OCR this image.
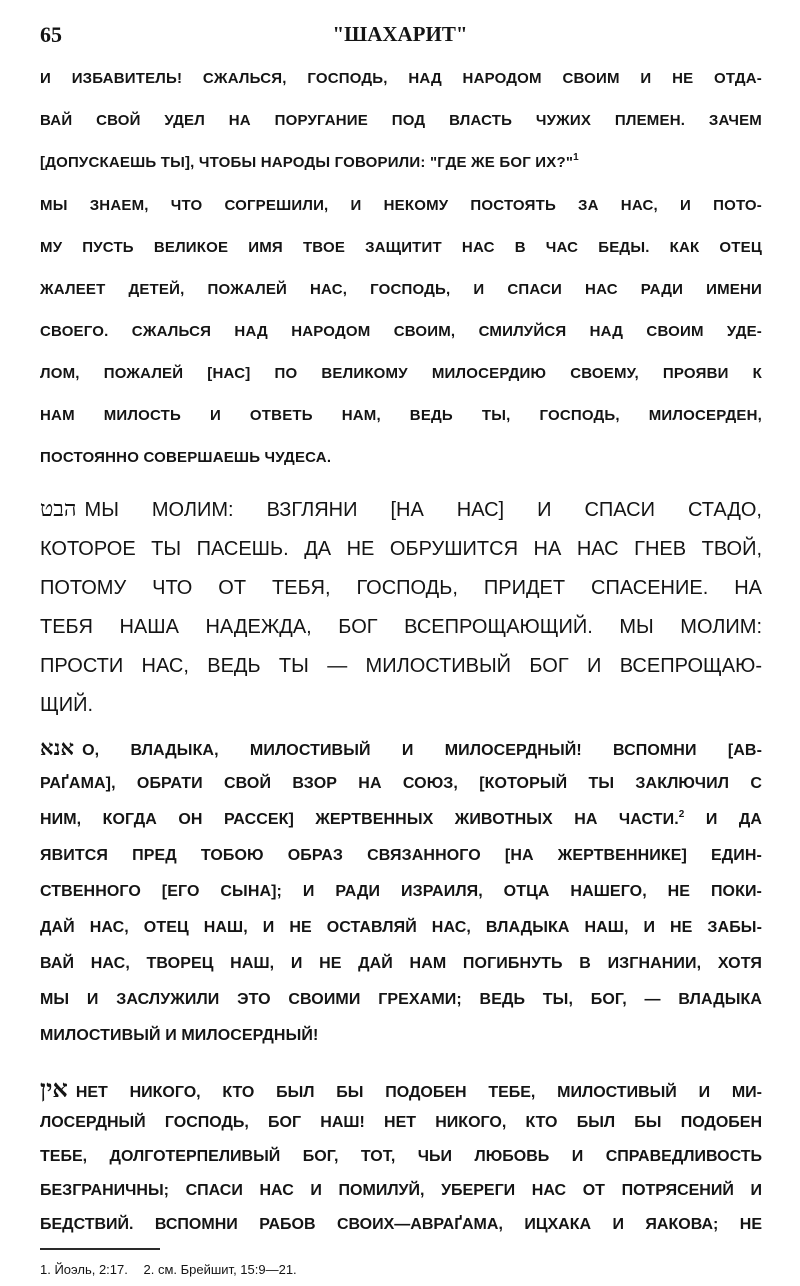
65	"ШАХАРИТ"
И ИЗБАВИТЕЛЬ! СЖАЛЬСЯ, ГОСПОДЬ, НАД НАРОДОМ СВОИМ И НЕ ОТДА-
ВАЙ СВОЙ УДЕЛ НА ПОРУГАНИЕ ПОД ВЛАСТЬ ЧУЖИХ ПЛЕМЕН. ЗАЧЕМ
[ДОПУСКАЕШЬ ТЫ], ЧТОБЫ НАРОДЫ ГОВОРИЛИ: "ГДЕ ЖЕ БОГ ИХ?"$^1$
МЫ ЗНАЕМ, ЧТО СОГРЕШИЛИ, И НЕКОМУ ПОСТОЯТЬ ЗА НАС, И ПОТО-
МУ ПУСТЬ ВЕЛИКОЕ ИМЯ ТВОЕ ЗАЩИТИТ НАС В ЧАС БЕДЫ. КАК ОТЕЦ
ЖАЛЕЕТ ДЕТЕЙ, ПОЖАЛЕЙ НАС, ГОСПОДЬ, И СПАСИ НАС РАДИ ИМЕНИ
СВОЕГО. СЖАЛЬСЯ НАД НАРОДОМ СВОИМ, СМИЛУЙСЯ НАД СВОИМ УДЕ-
ЛОМ, ПОЖАЛЕЙ [НАС] ПО ВЕЛИКОМУ МИЛОСЕРДИЮ СВОЕМУ, ПРОЯВИ К
НАМ МИЛОСТЬ И ОТВЕТЬ НАМ, ВЕДЬ ТЫ, ГОСПОДЬ, МИЛОСЕРДЕН,
ПОСТОЯННО СОВЕРШАЕШЬ ЧУДЕСА.
הבט МЫ МОЛИМ: ВЗГЛЯНИ [НА НАС] И СПАСИ СТАДО,
КОТОРОЕ ТЫ ПАСЕШЬ. ДА НЕ ОБРУШИТСЯ НА НАС ГНЕВ ТВОЙ,
ПОТОМУ ЧТО ОТ ТЕБЯ, ГОСПОДЬ, ПРИДЕТ СПАСЕНИЕ. НА
ТЕБЯ НАША НАДЕЖДА, БОГ ВСЕПРОЩАЮЩИЙ. МЫ МОЛИМ:
ПРОСТИ НАС, ВЕДЬ ТЫ — МИЛОСТИВЫЙ БОГ И ВСЕПРОЩАЮ-
ЩИЙ.
אנא О, ВЛАДЫКА, МИЛОСТИВЫЙ И МИЛОСЕРДНЫЙ! ВСПОМНИ [АВ-
РАҐАМА], ОБРАТИ СВОЙ ВЗОР НА СОЮЗ, [КОТОРЫЙ ТЫ ЗАКЛЮЧИЛ С
НИМ, КОГДА ОН РАССЕК] ЖЕРТВЕННЫХ ЖИВОТНЫХ НА ЧАСТИ.$^2$ И ДА
ЯВИТСЯ ПРЕД ТОБОЮ ОБРАЗ СВЯЗАННОГО [НА ЖЕРТВЕННИКЕ] ЕДИН-
СТВЕННОГО [ЕГО СЫНА]; И РАДИ ИЗРАИЛЯ, ОТЦА НАШЕГО, НЕ ПОКИ-
ДАЙ НАС, ОТЕЦ НАШ, И НЕ ОСТАВЛЯЙ НАС, ВЛАДЫКА НАШ, И НЕ ЗАБЫ-
ВАЙ НАС, ТВОРЕЦ НАШ, И НЕ ДАЙ НАМ ПОГИБНУТЬ В ИЗГНАНИИ, ХОТЯ
МЫ И ЗАСЛУЖИЛИ ЭТО СВОИМИ ГРЕХАМИ; ВЕДЬ ТЫ, БОГ, — ВЛАДЫКА
МИЛОСТИВЫЙ И МИЛОСЕРДНЫЙ!
אין НЕТ НИКОГО, КТО БЫЛ БЫ ПОДОБЕН ТЕБЕ, МИЛОСТИВЫЙ И МИ-
ЛОСЕРДНЫЙ ГОСПОДЬ, БОГ НАШ! НЕТ НИКОГО, КТО БЫЛ БЫ ПОДОБЕН
ТЕБЕ, ДОЛГОТЕРПЕЛИВЫЙ БОГ, ТОТ, ЧЬИ ЛЮБОВЬ И СПРАВЕДЛИВОСТЬ
БЕЗГРАНИЧНЫ; СПАСИ НАС И ПОМИЛУЙ, УБЕРЕГИ НАС ОТ ПОТРЯСЕНИЙ И
БЕДСТВИЙ. ВСПОМНИ РАБОВ СВОИХ—АВРАҐАМА, ИЦХАКА И ЯАКОВА; НЕ
1. Йоэль, 2:17. 2. см. Брейшит, 15:9—21.
